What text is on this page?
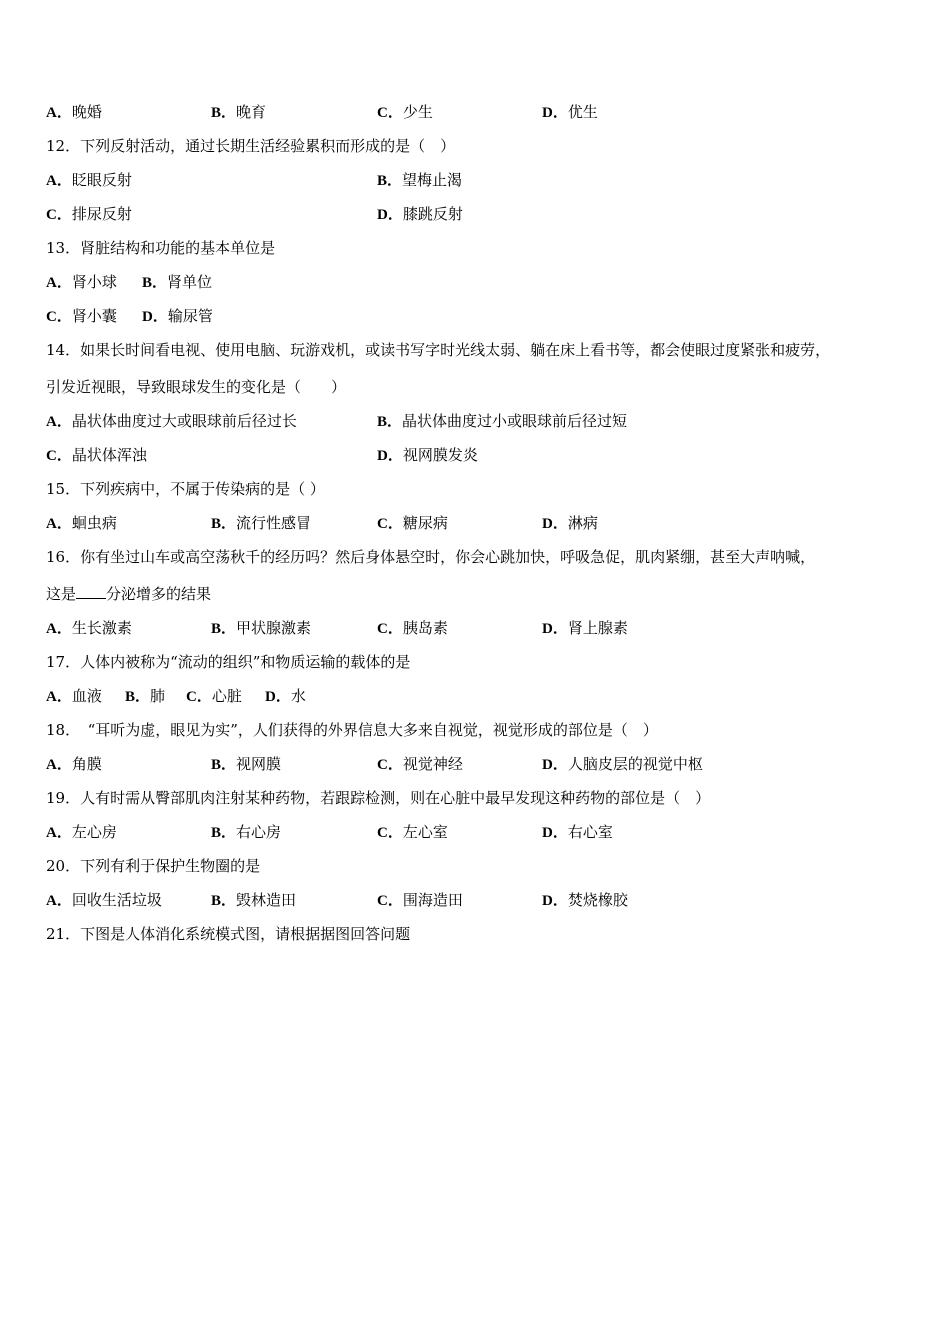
A．晚婚	B．晚育	C．少生	D．优生
12．下列反射活动，通过长期生活经验累积而形成的是（　）
A．眨眼反射	B．望梅止渴
C．排尿反射	D．膝跳反射
13．肾脏结构和功能的基本单位是
A．肾小球 B．肾单位
C．肾小囊 D．输尿管
14．如果长时间看电视、使用电脑、玩游戏机，或读书写字时光线太弱、躺在床上看书等，都会使眼过度紧张和疲劳，
引发近视眼，导致眼球发生的变化是（　　）
A．晶状体曲度过大或眼球前后径过长	B．晶状体曲度过小或眼球前后径过短
C．晶状体浑浊	D．视网膜发炎
15．下列疾病中，不属于传染病的是（ ）
A．蛔虫病	B．流行性感冒	C．糖尿病	D．淋病
16．你有坐过山车或高空荡秋千的经历吗？然后身体悬空时，你会心跳加快，呼吸急促，肌肉紧绷，甚至大声呐喊，
这是 分泌增多的结果
A．生长激素	B．甲状腺激素	C．胰岛素	D．肾上腺素
17．人体内被称为“流动的组织”和物质运输的载体的是
A．血液 B．肺 C．心脏 D．水
18．　“耳听为虚，眼见为实”，人们获得的外界信息大多来自视觉，视觉形成的部位是（　）
A．角膜	B．视网膜	C．视觉神经	D．人脑皮层的视觉中枢
19．人有时需从臀部肌肉注射某种药物，若跟踪检测，则在心脏中最早发现这种药物的部位是（　）
A．左心房	B．右心房	C．左心室	D．右心室
20．下列有利于保护生物圈的是
A．回收生活垃圾	B．毁林造田	C．围海造田	D．焚烧橡胶
21．下图是人体消化系统模式图，请根据据图回答问题
